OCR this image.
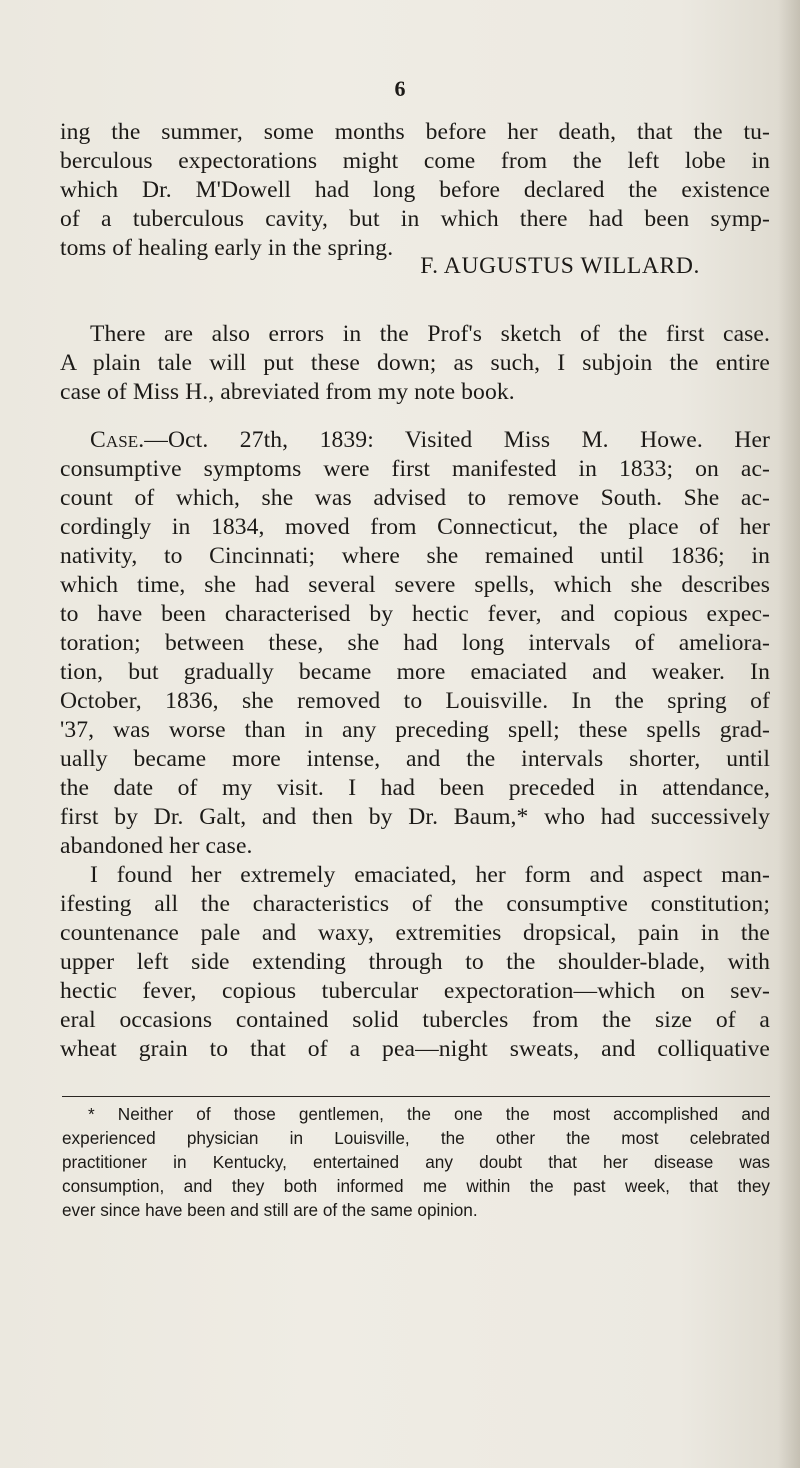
6
ing the summer, some months before her death, that the tu-
berculous expectorations might come from the left lobe in
which Dr. M'Dowell had long before declared the existence
of a tuberculous cavity, but in which there had been symp-
toms of healing early in the spring.
F. AUGUSTUS WILLARD.
There are also errors in the Prof's sketch of the first case.
A plain tale will put these down; as such, I subjoin the entire
case of Miss H., abreviated from my note book.
Case.—Oct. 27th, 1839: Visited Miss M. Howe. Her
consumptive symptoms were first manifested in 1833; on ac-
count of which, she was advised to remove South. She ac-
cordingly in 1834, moved from Connecticut, the place of her
nativity, to Cincinnati; where she remained until 1836; in
which time, she had several severe spells, which she describes
to have been characterised by hectic fever, and copious expec-
toration; between these, she had long intervals of ameliora-
tion, but gradually became more emaciated and weaker. In
October, 1836, she removed to Louisville. In the spring of
'37, was worse than in any preceding spell; these spells grad-
ually became more intense, and the intervals shorter, until
the date of my visit. I had been preceded in attendance,
first by Dr. Galt, and then by Dr. Baum,* who had successively
abandoned her case.
I found her extremely emaciated, her form and aspect man-
ifesting all the characteristics of the consumptive constitution;
countenance pale and waxy, extremities dropsical, pain in the
upper left side extending through to the shoulder-blade, with
hectic fever, copious tubercular expectoration—which on sev-
eral occasions contained solid tubercles from the size of a
wheat grain to that of a pea—night sweats, and colliquative
* Neither of those gentlemen, the one the most accomplished and
experienced physician in Louisville, the other the most celebrated
practitioner in Kentucky, entertained any doubt that her disease was
consumption, and they both informed me within the past week, that they
ever since have been and still are of the same opinion.
